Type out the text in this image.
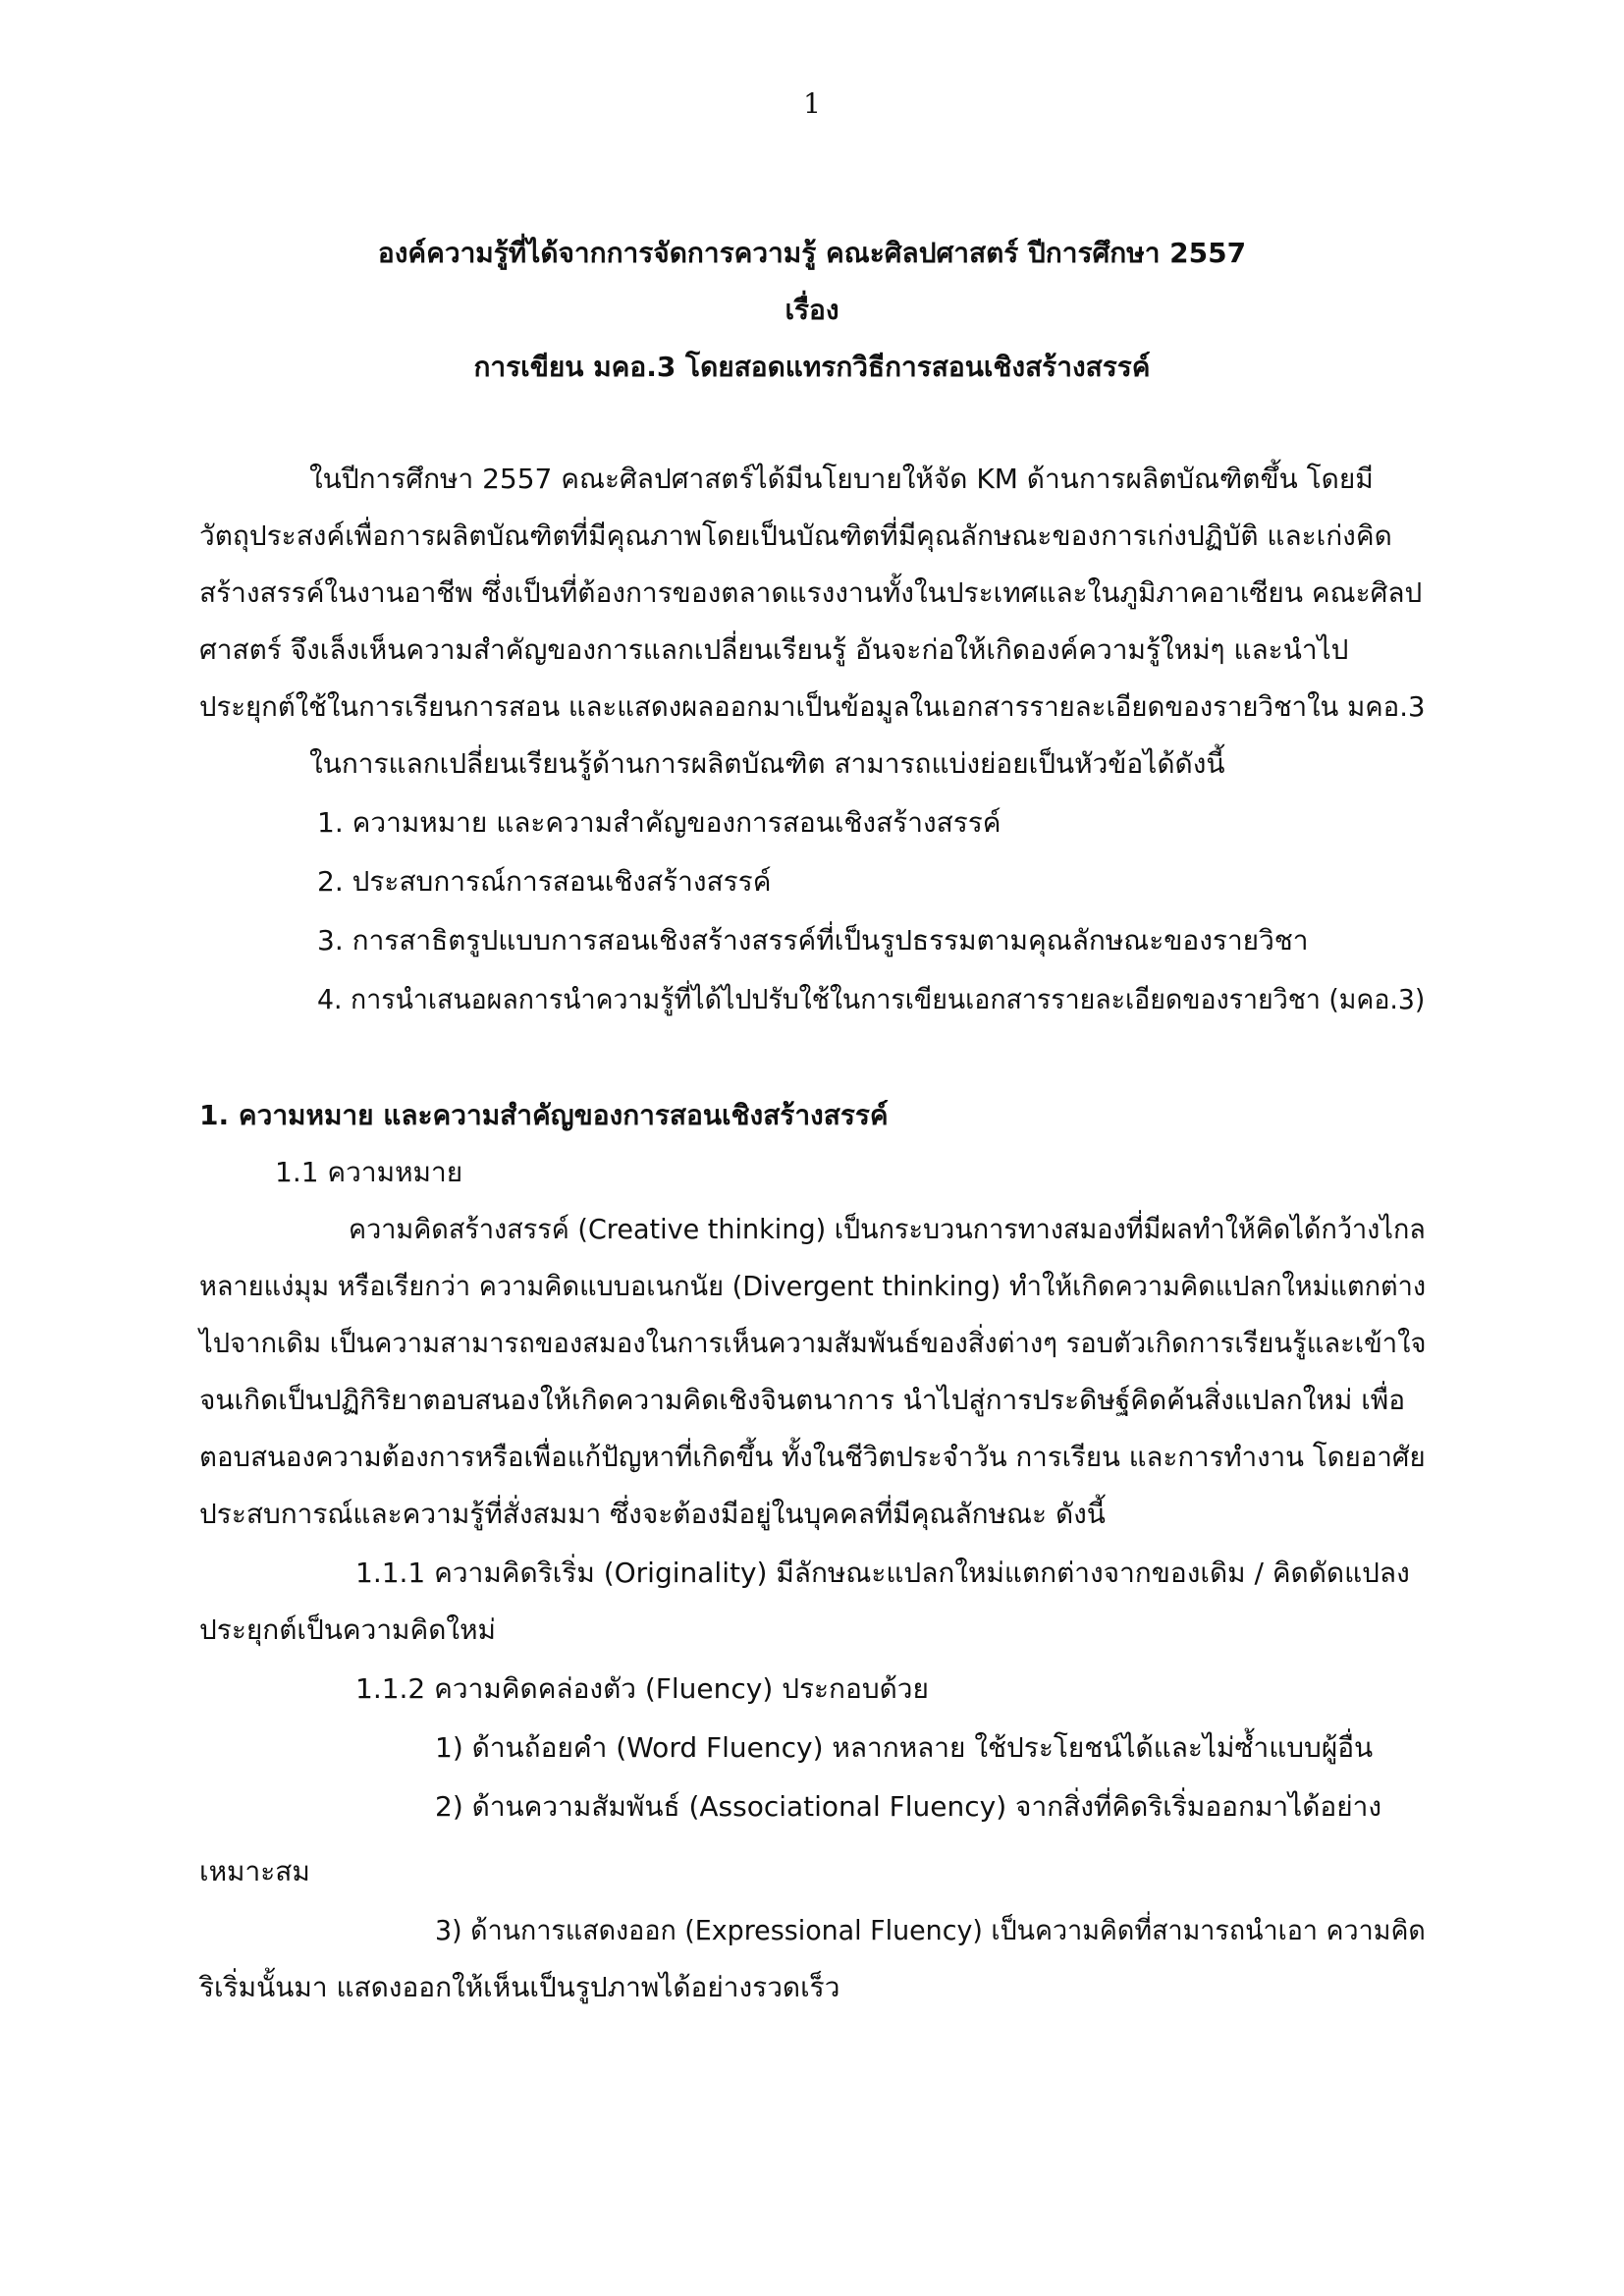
1
องค์ความรู้ที่ได้จากการจัดการความรู้ คณะศิลปศาสตร์ ปีการศึกษา 2557
เรื่อง
การเขียน มคอ.3 โดยสอดแทรกวิธีการสอนเชิงสร้างสรรค์
ในปีการศึกษา 2557 คณะศิลปศาสตร์ได้มีนโยบายให้จัด KM ด้านการผลิตบัณฑิตขึ้น โดยมี
วัตถุประสงค์เพื่อการผลิตบัณฑิตที่มีคุณภาพโดยเป็นบัณฑิตที่มีคุณลักษณะของการเก่งปฏิบัติ และเก่งคิด
สร้างสรรค์ในงานอาชีพ ซึ่งเป็นที่ต้องการของตลาดแรงงานทั้งในประเทศและในภูมิภาคอาเซียน คณะศิลป
ศาสตร์ จึงเล็งเห็นความสำคัญของการแลกเปลี่ยนเรียนรู้ อันจะก่อให้เกิดองค์ความรู้ใหม่ๆ และนำไป
ประยุกต์ใช้ในการเรียนการสอน และแสดงผลออกมาเป็นข้อมูลในเอกสารรายละเอียดของรายวิชาใน มคอ.3
ในการแลกเปลี่ยนเรียนรู้ด้านการผลิตบัณฑิต สามารถแบ่งย่อยเป็นหัวข้อได้ดังนี้
1. ความหมาย และความสำคัญของการสอนเชิงสร้างสรรค์
2. ประสบการณ์การสอนเชิงสร้างสรรค์
3. การสาธิตรูปแบบการสอนเชิงสร้างสรรค์ที่เป็นรูปธรรมตามคุณลักษณะของรายวิชา
4. การนำเสนอผลการนำความรู้ที่ได้ไปปรับใช้ในการเขียนเอกสารรายละเอียดของรายวิชา (มคอ.3)
1. ความหมาย และความสำคัญของการสอนเชิงสร้างสรรค์
1.1 ความหมาย
ความคิดสร้างสรรค์ (Creative thinking) เป็นกระบวนการทางสมองที่มีผลทำให้คิดได้กว้างไกล
หลายแง่มุม หรือเรียกว่า ความคิดแบบอเนกนัย (Divergent thinking) ทำให้เกิดความคิดแปลกใหม่แตกต่าง
ไปจากเดิม เป็นความสามารถของสมองในการเห็นความสัมพันธ์ของสิ่งต่างๆ รอบตัวเกิดการเรียนรู้และเข้าใจ
จนเกิดเป็นปฏิกิริยาตอบสนองให้เกิดความคิดเชิงจินตนาการ นำไปสู่การประดิษฐ์คิดค้นสิ่งแปลกใหม่ เพื่อ
ตอบสนองความต้องการหรือเพื่อแก้ปัญหาที่เกิดขึ้น ทั้งในชีวิตประจำวัน การเรียน และการทำงาน โดยอาศัย
ประสบการณ์และความรู้ที่สั่งสมมา ซึ่งจะต้องมีอยู่ในบุคคลที่มีคุณลักษณะ ดังนี้
1.1.1 ความคิดริเริ่ม (Originality) มีลักษณะแปลกใหม่แตกต่างจากของเดิม / คิดดัดแปลง
ประยุกต์เป็นความคิดใหม่
1.1.2 ความคิดคล่องตัว (Fluency) ประกอบด้วย
1) ด้านถ้อยคำ (Word Fluency) หลากหลาย ใช้ประโยชน์ได้และไม่ซ้ำแบบผู้อื่น
2) ด้านความสัมพันธ์ (Associational Fluency) จากสิ่งที่คิดริเริ่มออกมาได้อย่าง
เหมาะสม
3) ด้านการแสดงออก (Expressional Fluency) เป็นความคิดที่สามารถนำเอา ความคิด
ริเริ่มนั้นมา แสดงออกให้เห็นเป็นรูปภาพได้อย่างรวดเร็ว
